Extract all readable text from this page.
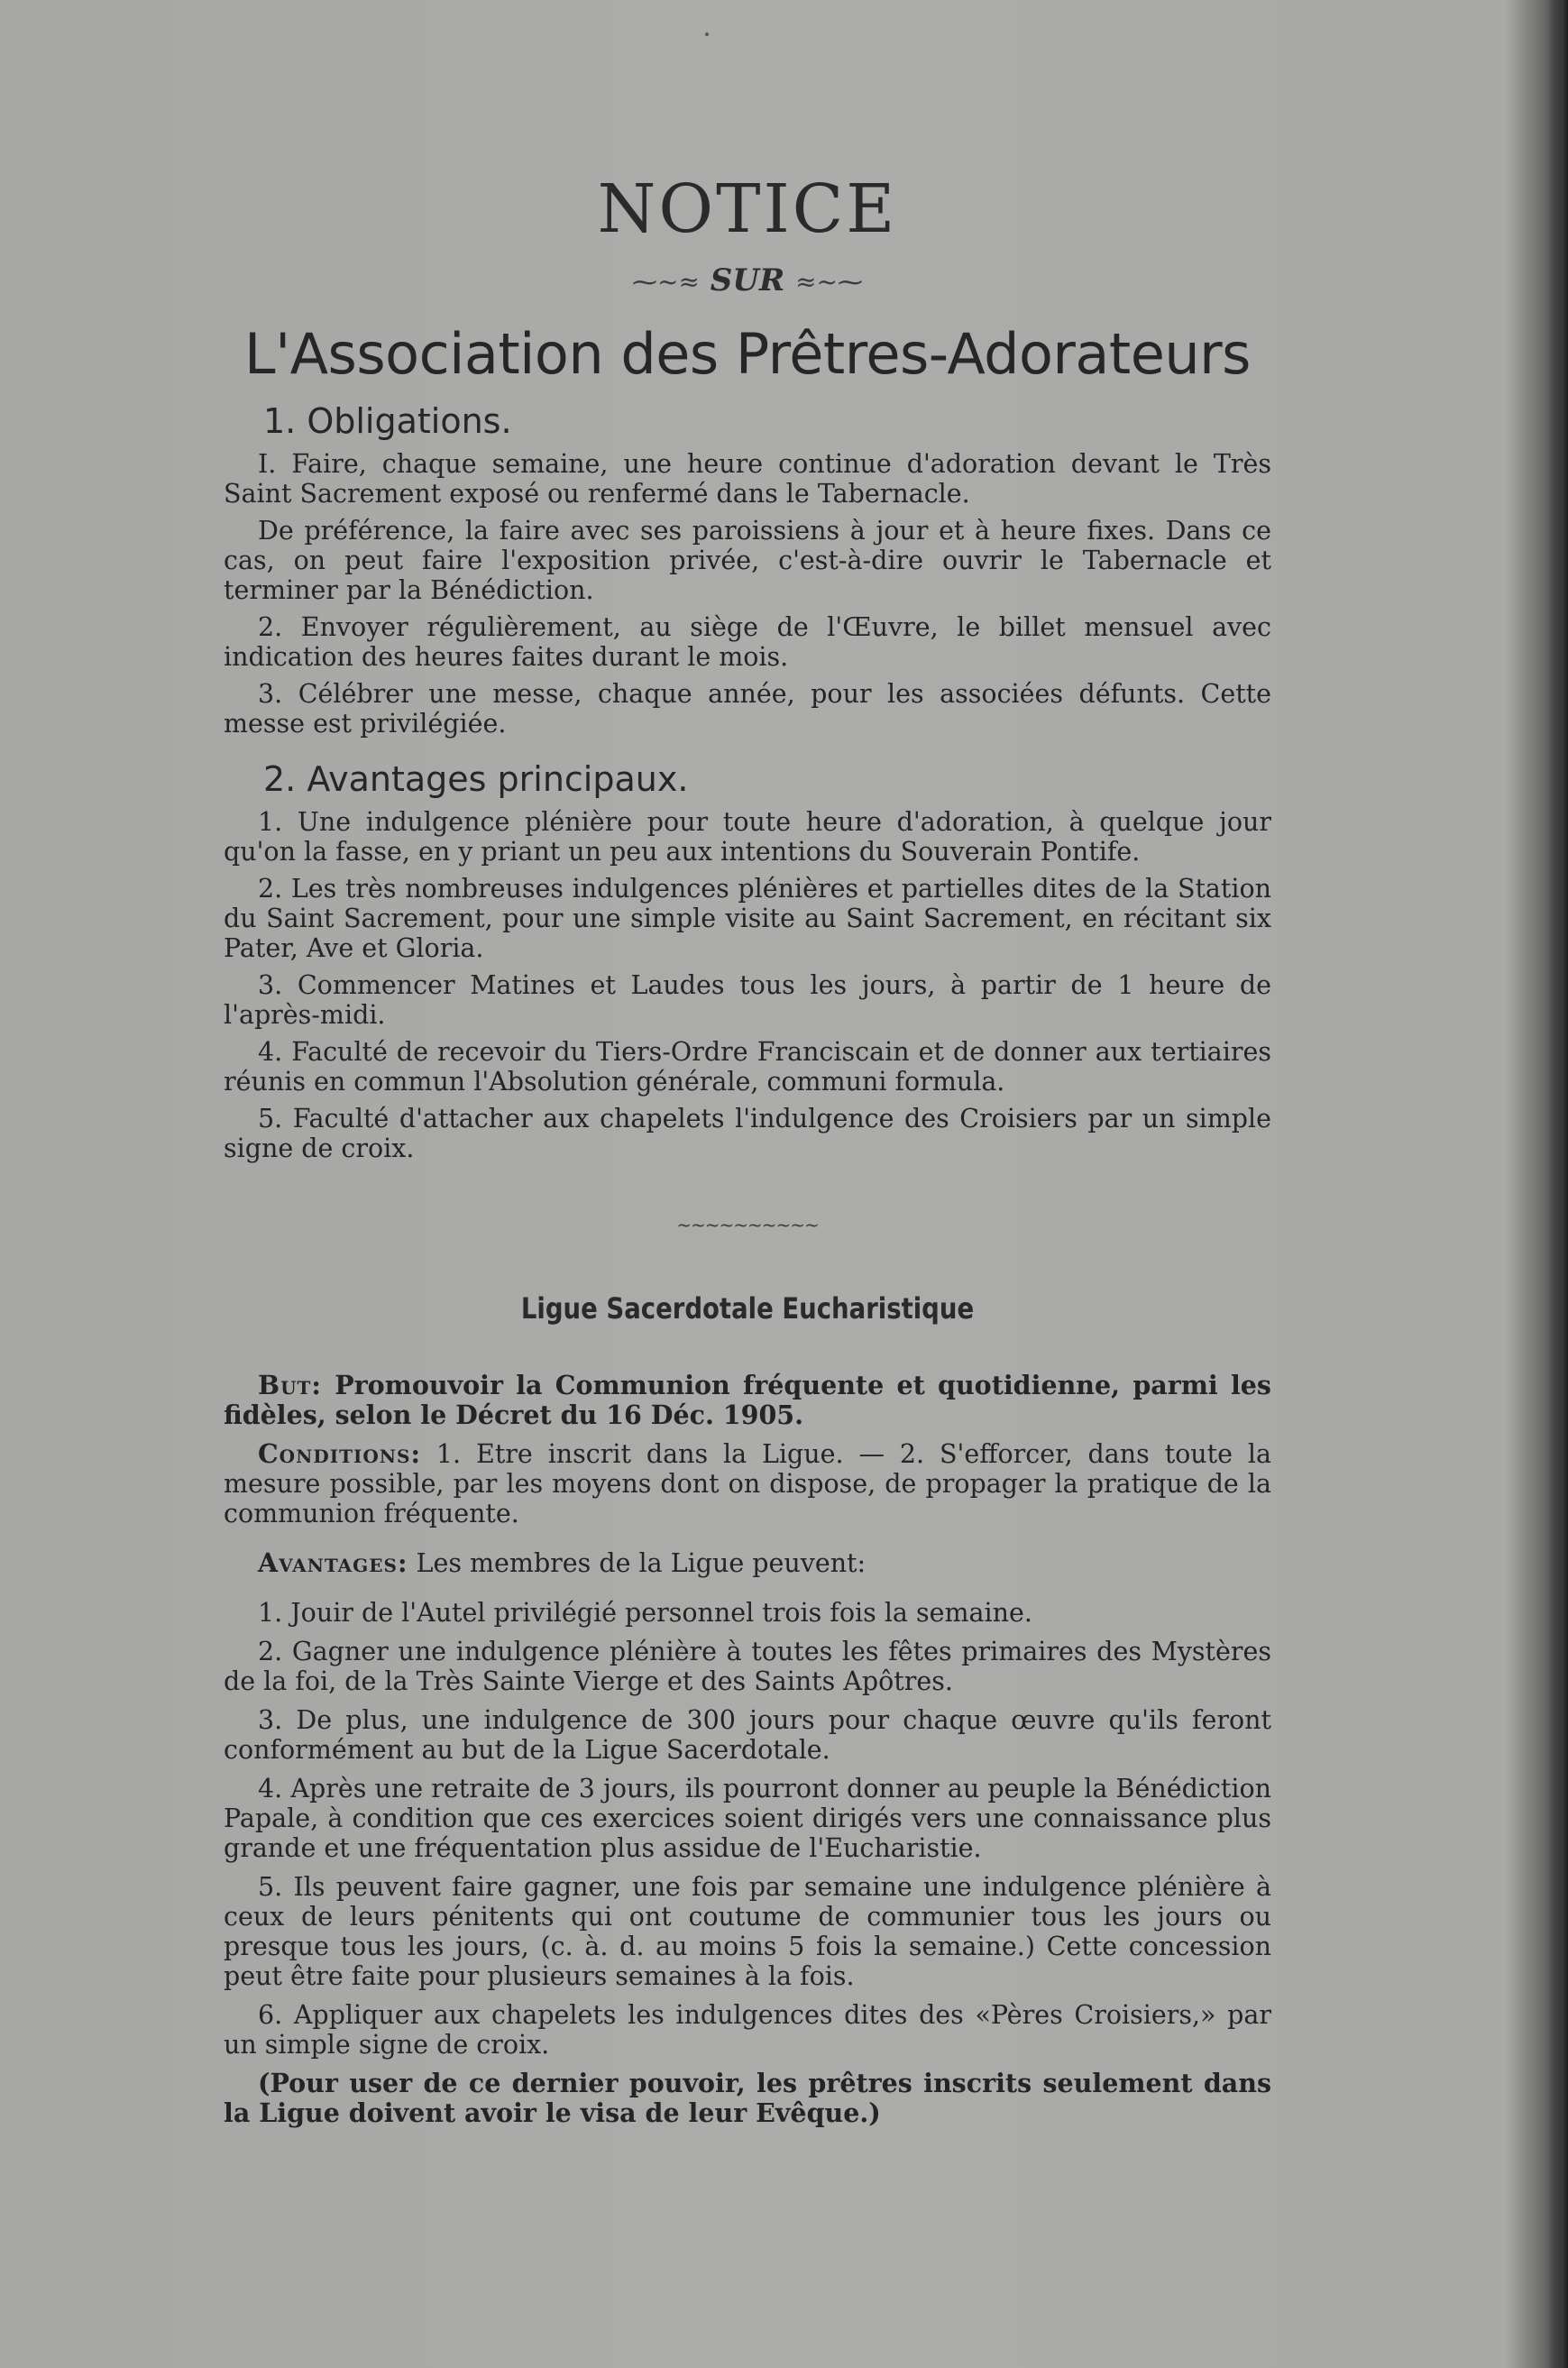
NOTICE
⁓~≈ SUR ≈~⁓
L'Association des Prêtres-Adorateurs
1. Obligations.

I. Faire, chaque semaine, une heure continue d'adoration devant le Très Saint Sacrement exposé ou renfermé dans le Tabernacle.

De préférence, la faire avec ses paroissiens à jour et à heure fixes. Dans ce cas, on peut faire l'exposition privée, c'est-à-dire ouvrir le Tabernacle et terminer par la Bénédiction.

2. Envoyer régulièrement, au siège de l'Œuvre, le billet mensuel avec indication des heures faites durant le mois.

3. Célébrer une messe, chaque année, pour les associées défunts. Cette messe est privilégiée.

2. Avantages principaux.

1. Une indulgence plénière pour toute heure d'adoration, à quelque jour qu'on la fasse, en y priant un peu aux intentions du Souverain Pontife.

2. Les très nombreuses indulgences plénières et partielles dites de la Station du Saint Sacrement, pour une simple visite au Saint Sacrement, en récitant six Pater, Ave et Gloria.

3. Commencer Matines et Laudes tous les jours, à partir de 1 heure de l'après-midi.

4. Faculté de recevoir du Tiers-Ordre Franciscain et de donner aux tertiaires réunis en commun l'Absolution générale, communi formula.

5. Faculté d'attacher aux chapelets l'indulgence des Croisiers par un simple signe de croix.

~~~~~~~~~~
Ligue Sacerdotale Eucharistique

But: Promouvoir la Communion fréquente et quotidienne, parmi les fidèles, selon le Décret du 16 Déc. 1905.

Conditions: 1. Etre inscrit dans la Ligue. — 2. S'efforcer, dans toute la mesure possible, par les moyens dont on dispose, de propager la pratique de la communion fréquente.

Avantages: Les membres de la Ligue peuvent:

1. Jouir de l'Autel privilégié personnel trois fois la semaine.

2. Gagner une indulgence plénière à toutes les fêtes primaires des Mystères de la foi, de la Très Sainte Vierge et des Saints Apôtres.

3. De plus, une indulgence de 300 jours pour chaque œuvre qu'ils feront conformément au but de la Ligue Sacerdotale.

4. Après une retraite de 3 jours, ils pourront donner au peuple la Bénédiction Papale, à condition que ces exercices soient dirigés vers une connaissance plus grande et une fréquentation plus assidue de l'Eucharistie.

5. Ils peuvent faire gagner, une fois par semaine une indulgence plénière à ceux de leurs pénitents qui ont coutume de communier tous les jours ou presque tous les jours, (c. à. d. au moins 5 fois la semaine.) Cette concession peut être faite pour plusieurs semaines à la fois.

6. Appliquer aux chapelets les indulgences dites des «Pères Croisiers,» par un simple signe de croix.

(Pour user de ce dernier pouvoir, les prêtres inscrits seulement dans la Ligue doivent avoir le visa de leur Evêque.)
